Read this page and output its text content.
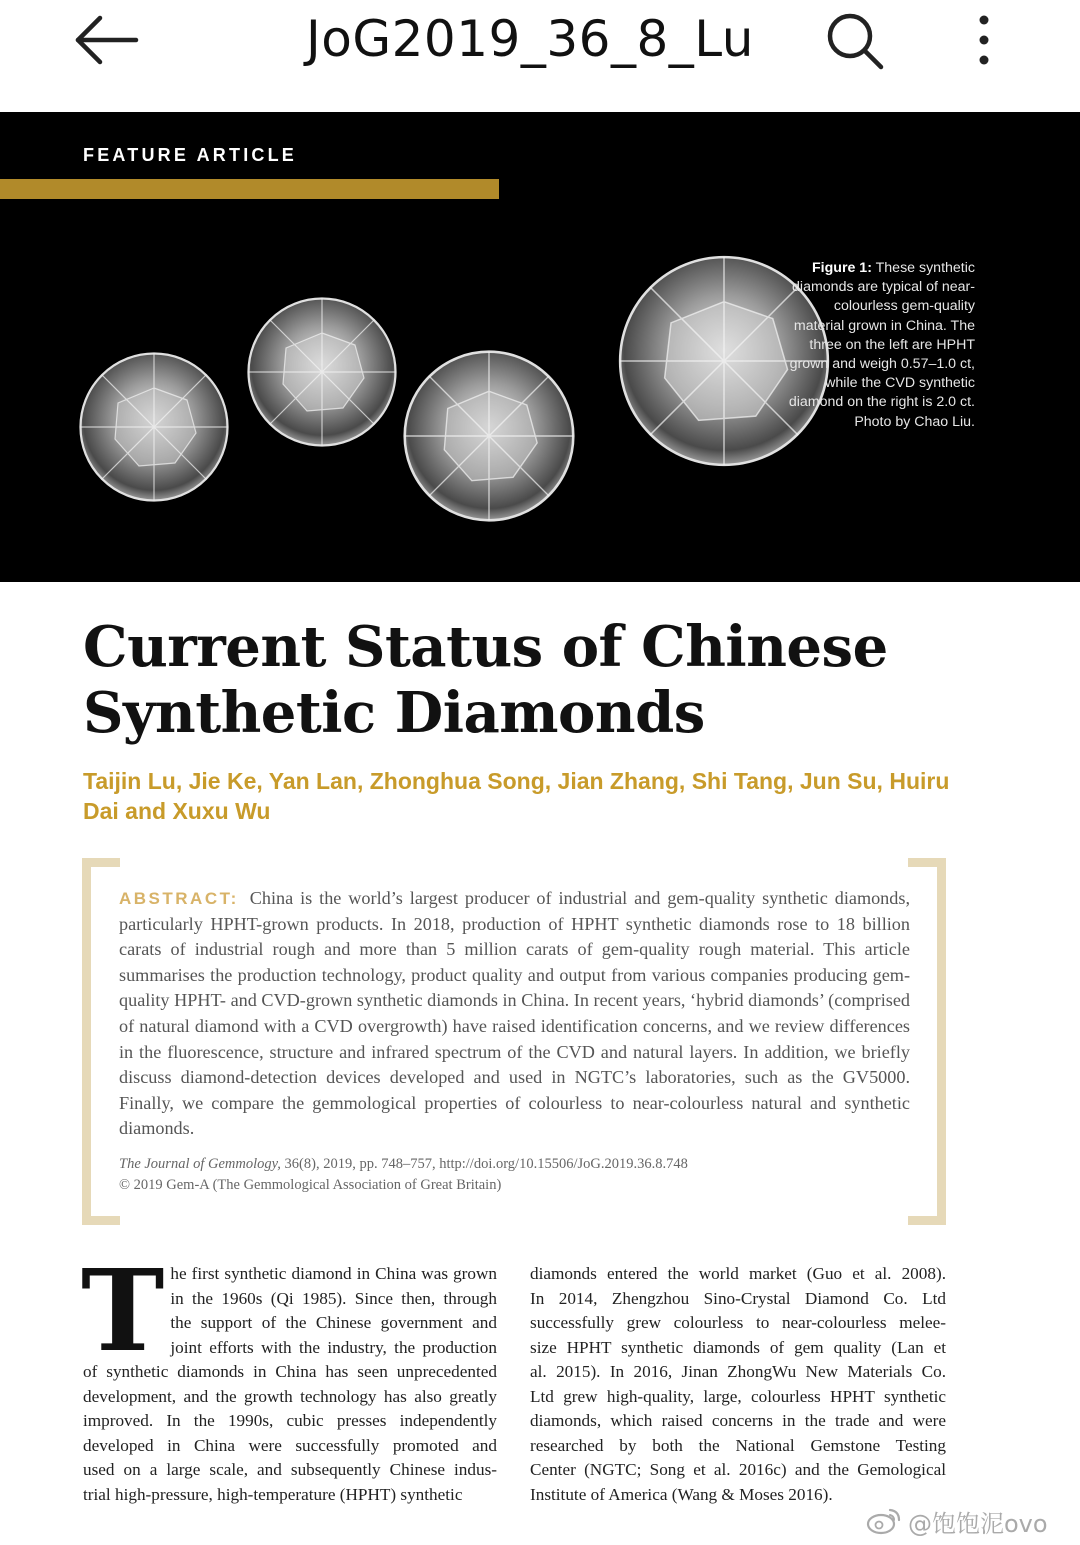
JoG2019_36_8_Lu
FEATURE ARTICLE
Figure 1: These synthetic diamonds are typical of near-colourless gem-quality material grown in China. The three on the left are HPHT grown and weigh 0.57–1.0 ct, while the CVD synthetic diamond on the right is 2.0 ct. Photo by Chao Liu.
Current Status of Chinese Synthetic Diamonds
Taijin Lu, Jie Ke, Yan Lan, Zhonghua Song, Jian Zhang, Shi Tang, Jun Su, Huiru Dai and Xuxu Wu
ABSTRACT: China is the world’s largest producer of industrial and gem-quality synthetic diamonds, particularly HPHT-grown products. In 2018, production of HPHT synthetic diamonds rose to 18 billion carats of industrial rough and more than 5 million carats of gem-quality rough material. This article summarises the production technology, product quality and output from various companies producing gem-quality HPHT- and CVD-grown synthetic diamonds in China. In recent years, ‘hybrid diamonds’ (comprised of natural diamond with a CVD overgrowth) have raised identification concerns, and we review differences in the fluorescence, structure and infrared spectrum of the CVD and natural layers. In addition, we briefly discuss diamond-detection devices developed and used in NGTC’s laboratories, such as the GV5000. Finally, we compare the gemmological properties of colourless to near-colourless natural and synthetic diamonds.
The Journal of Gemmology, 36(8), 2019, pp. 748–757, http://doi.org/10.15506/JoG.2019.36.8.748
© 2019 Gem-A (The Gemmological Association of Great Britain)
T he first synthetic diamond in China was grown
in the 1960s (Qi 1985). Since then, through
the support of the Chinese government and
joint efforts with the industry, the production
of synthetic diamonds in China has seen unprecedented
development, and the growth technology has also greatly
improved. In the 1990s, cubic presses independently
developed in China were successfully promoted and
used on a large scale, and subsequently Chinese indus-
trial high-pressure, high-temperature (HPHT) synthetic
diamonds entered the world market (Guo et al. 2008).
In 2014, Zhengzhou Sino-Crystal Diamond Co. Ltd
successfully grew colourless to near-colourless melee-
size HPHT synthetic diamonds of gem quality (Lan et
al. 2015). In 2016, Jinan ZhongWu New Materials Co.
Ltd grew high-quality, large, colourless HPHT synthetic
diamonds, which raised concerns in the trade and were
researched by both the National Gemstone Testing
Center (NGTC; Song et al. 2016c) and the Gemological
Institute of America (Wang & Moses 2016).
@饱饱泥ovo
